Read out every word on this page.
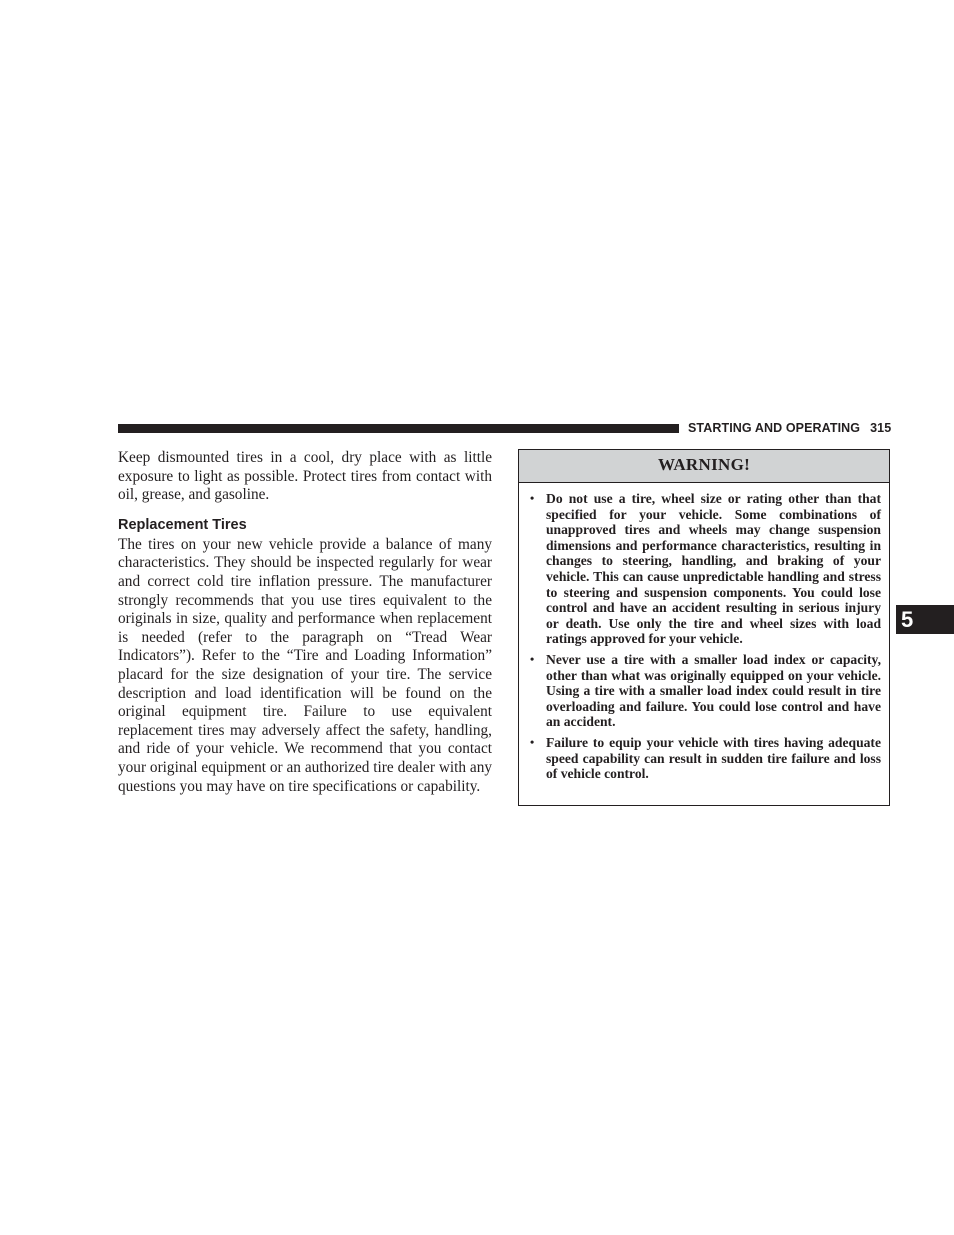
STARTING AND OPERATING 315

Keep dismounted tires in a cool, dry place with as little exposure to light as possible. Protect tires from contact with oil, grease, and gasoline.

Replacement Tires

The tires on your new vehicle provide a balance of many characteristics. They should be inspected regularly for wear and correct cold tire inflation pressure. The manufacturer strongly recommends that you use tires equivalent to the originals in size, quality and performance when replacement is needed (refer to the paragraph on “Tread Wear Indicators”). Refer to the “Tire and Loading Information” placard for the size designation of your tire. The service description and load identification will be found on the original equipment tire. Failure to use equivalent replacement tires may adversely affect the safety, handling, and ride of your vehicle. We recommend that you contact your original equipment or an authorized tire dealer with any questions you may have on tire specifications or capability.

WARNING!
• Do not use a tire, wheel size or rating other than that specified for your vehicle. Some combinations of unapproved tires and wheels may change suspension dimensions and performance characteristics, resulting in changes to steering, handling, and braking of your vehicle. This can cause unpredictable handling and stress to steering and suspension components. You could lose control and have an accident resulting in serious injury or death. Use only the tire and wheel sizes with load ratings approved for your vehicle.
• Never use a tire with a smaller load index or capacity, other than what was originally equipped on your vehicle. Using a tire with a smaller load index could result in tire overloading and failure. You could lose control and have an accident.
• Failure to equip your vehicle with tires having adequate speed capability can result in sudden tire failure and loss of vehicle control.
5
